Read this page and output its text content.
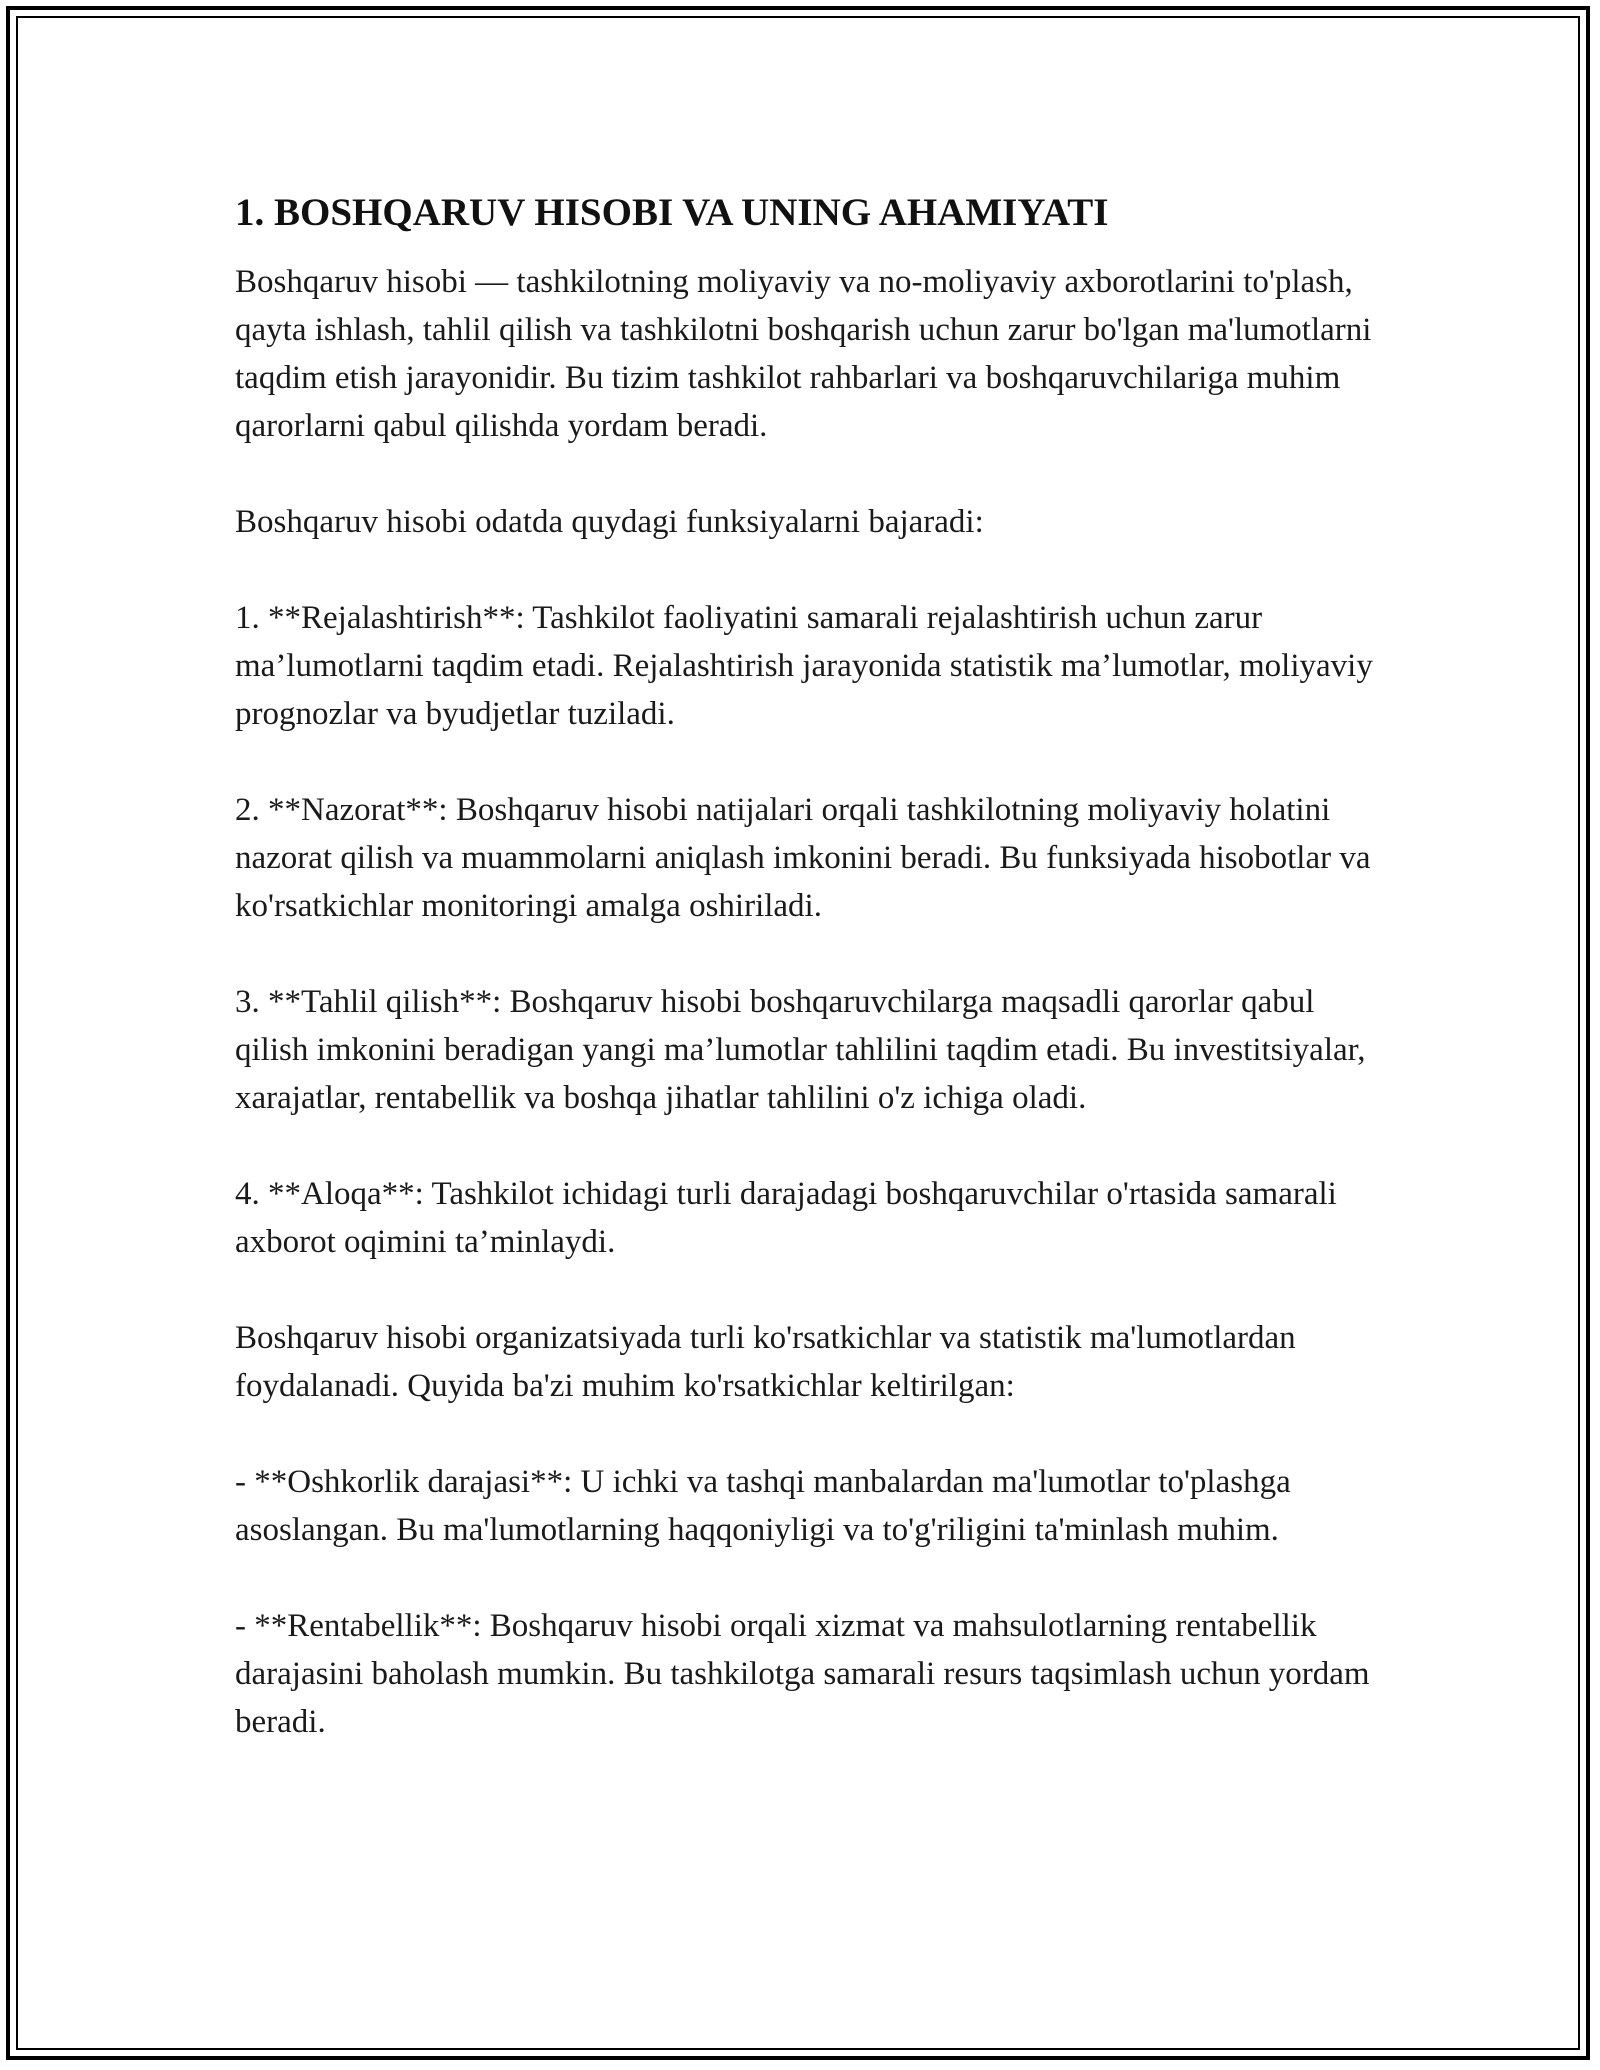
1. BOSHQARUV HISOBI VA UNING AHAMIYATI

Boshqaruv hisobi — tashkilotning moliyaviy va no-moliyaviy axborotlarini to'plash, qayta ishlash, tahlil qilish va tashkilotni boshqarish uchun zarur bo'lgan ma'lumotlarni taqdim etish jarayonidir. Bu tizim tashkilot rahbarlari va boshqaruvchilariga muhim qarorlarni qabul qilishda yordam beradi.

Boshqaruv hisobi odatda quydagi funksiyalarni bajaradi:

1. **Rejalashtirish**: Tashkilot faoliyatini samarali rejalashtirish uchun zarur ma’lumotlarni taqdim etadi. Rejalashtirish jarayonida statistik ma’lumotlar, moliyaviy prognozlar va byudjetlar tuziladi.

2. **Nazorat**: Boshqaruv hisobi natijalari orqali tashkilotning moliyaviy holatini nazorat qilish va muammolarni aniqlash imkonini beradi. Bu funksiyada hisobotlar va ko'rsatkichlar monitoringi amalga oshiriladi.

3. **Tahlil qilish**: Boshqaruv hisobi boshqaruvchilarga maqsadli qarorlar qabul qilish imkonini beradigan yangi ma’lumotlar tahlilini taqdim etadi. Bu investitsiyalar, xarajatlar, rentabellik va boshqa jihatlar tahlilini o'z ichiga oladi.

4. **Aloqa**: Tashkilot ichidagi turli darajadagi boshqaruvchilar o'rtasida samarali axborot oqimini ta’minlaydi.

Boshqaruv hisobi organizatsiyada turli ko'rsatkichlar va statistik ma'lumotlardan foydalanadi. Quyida ba'zi muhim ko'rsatkichlar keltirilgan:

- **Oshkorlik darajasi**: U ichki va tashqi manbalardan ma'lumotlar to'plashga asoslangan. Bu ma'lumotlarning haqqoniyligi va to'g'riligini ta'minlash muhim.

- **Rentabellik**: Boshqaruv hisobi orqali xizmat va mahsulotlarning rentabellik darajasini baholash mumkin. Bu tashkilotga samarali resurs taqsimlash uchun yordam beradi.
